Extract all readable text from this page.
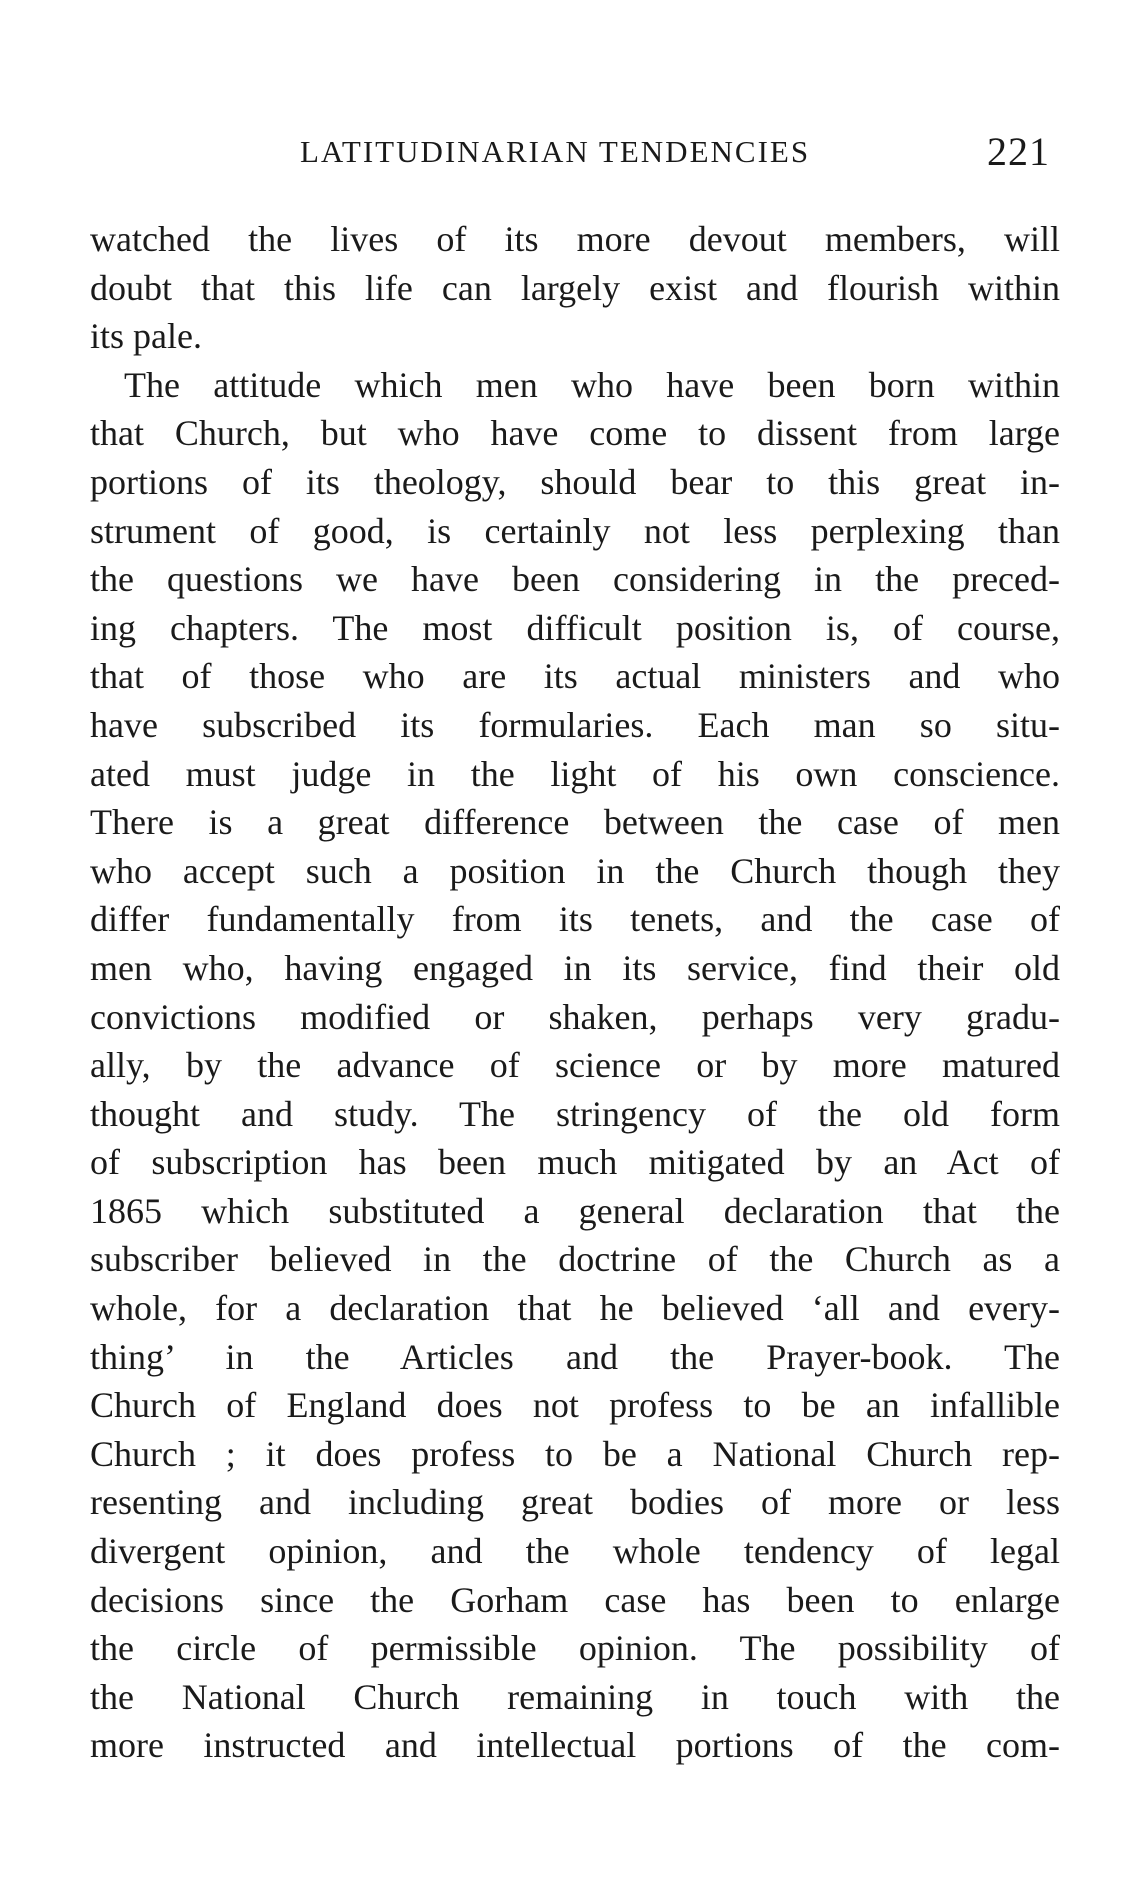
LATITUDINARIAN TENDENCIES	221
watched the lives of its more devout members, will
doubt that this life can largely exist and flourish within
its pale.
The attitude which men who have been born within
that Church, but who have come to dissent from large
portions of its theology, should bear to this great in-
strument of good, is certainly not less perplexing than
the questions we have been considering in the preced-
ing chapters. The most difficult position is, of course,
that of those who are its actual ministers and who
have subscribed its formularies. Each man so situ-
ated must judge in the light of his own conscience.
There is a great difference between the case of men
who accept such a position in the Church though they
differ fundamentally from its tenets, and the case of
men who, having engaged in its service, find their old
convictions modified or shaken, perhaps very gradu-
ally, by the advance of science or by more matured
thought and study. The stringency of the old form
of subscription has been much mitigated by an Act of
1865 which substituted a general declaration that the
subscriber believed in the doctrine of the Church as a
whole, for a declaration that he believed ‘all and every-
thing’ in the Articles and the Prayer-book. The
Church of England does not profess to be an infallible
Church ; it does profess to be a National Church rep-
resenting and including great bodies of more or less
divergent opinion, and the whole tendency of legal
decisions since the Gorham case has been to enlarge
the circle of permissible opinion. The possibility of
the National Church remaining in touch with the
more instructed and intellectual portions of the com-
